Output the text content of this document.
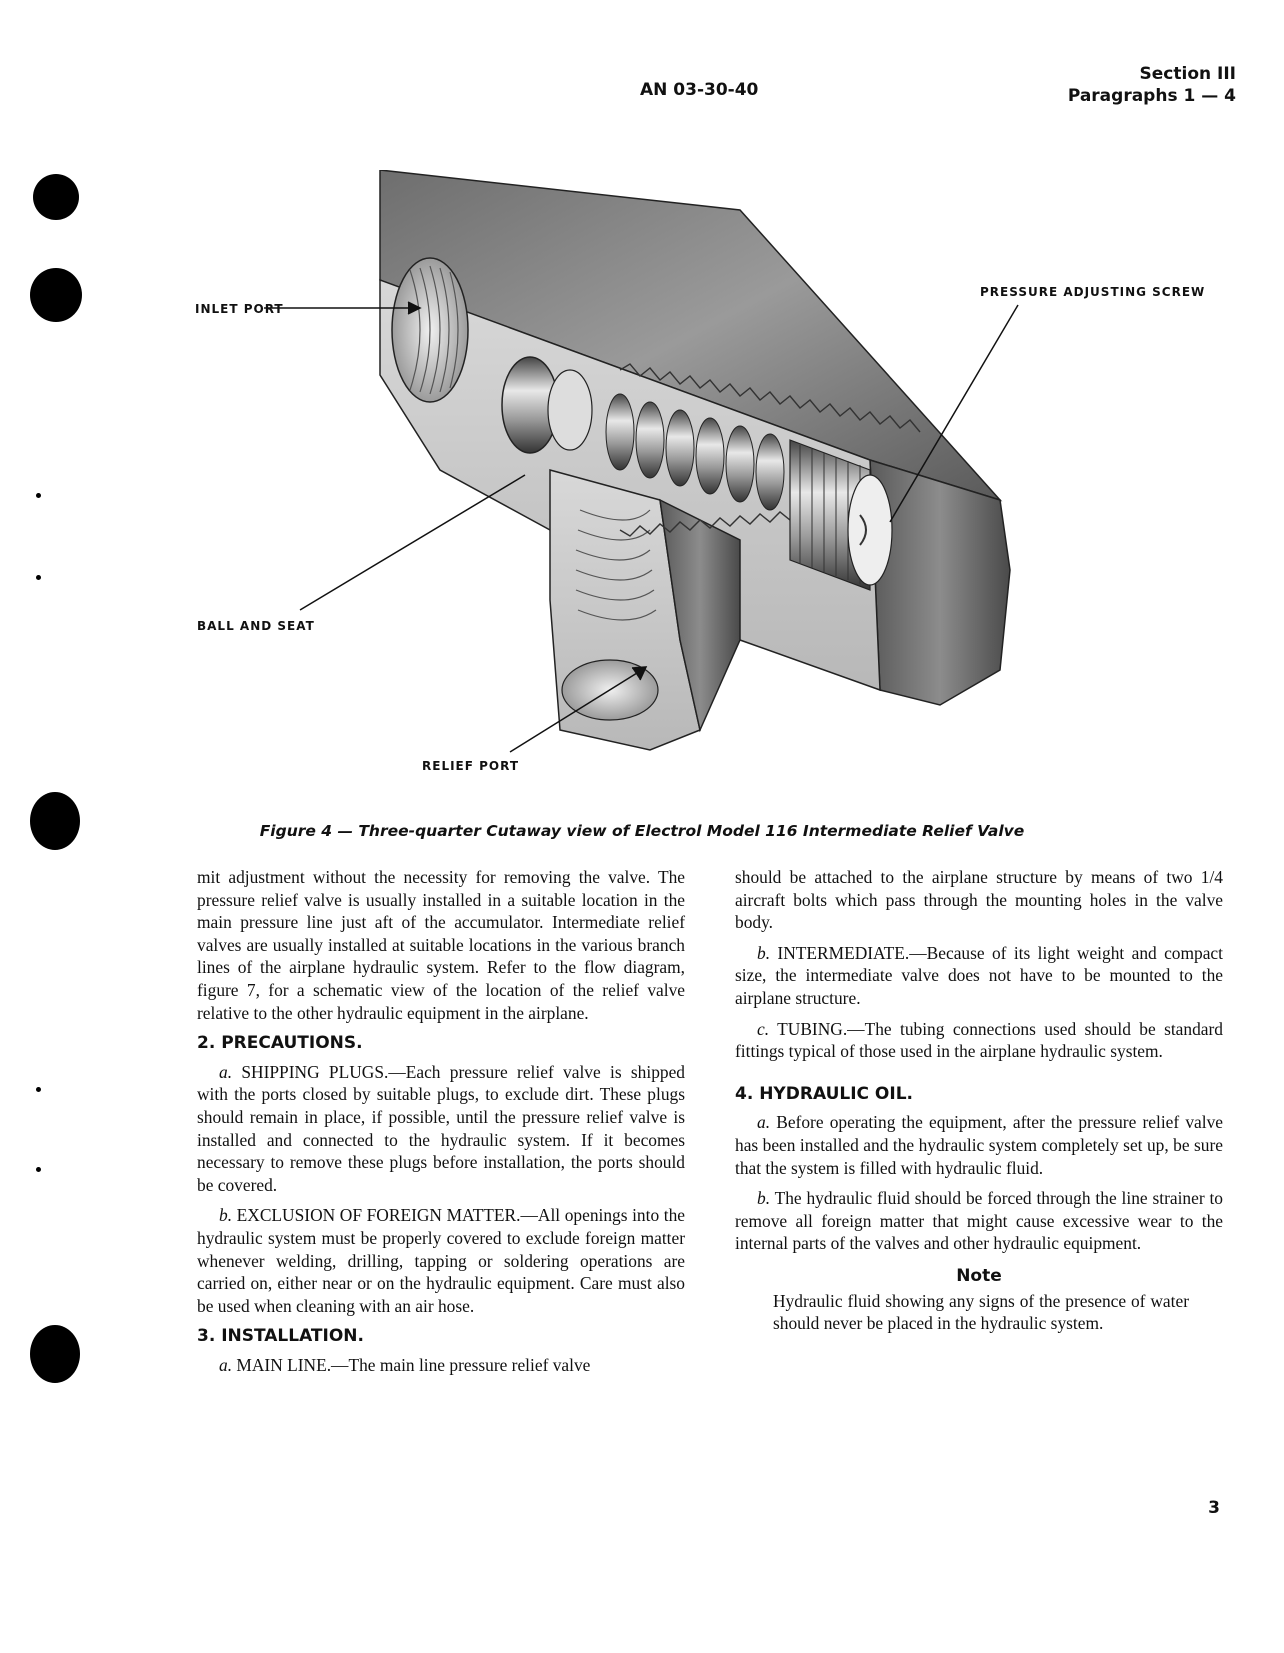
AN 03-30-40
Section III
Paragraphs 1 — 4
INLET PORT
PRESSURE ADJUSTING SCREW
BALL AND SEAT
RELIEF PORT
Figure 4 — Three-quarter Cutaway view of Electrol Model 116 Intermediate Relief Valve

mit adjustment without the necessity for removing the valve. The pressure relief valve is usually installed in a suitable location in the main pressure line just aft of the accumulator. Intermediate relief valves are usually installed at suitable locations in the various branch lines of the airplane hydraulic system. Refer to the flow diagram, figure 7, for a schematic view of the location of the relief valve relative to the other hydraulic equipment in the airplane.

2. PRECAUTIONS.

a. SHIPPING PLUGS.—Each pressure relief valve is shipped with the ports closed by suitable plugs, to exclude dirt. These plugs should remain in place, if possible, until the pressure relief valve is installed and connected to the hydraulic system. If it becomes necessary to remove these plugs before installation, the ports should be covered.

b. EXCLUSION OF FOREIGN MATTER.—All openings into the hydraulic system must be properly covered to exclude foreign matter whenever welding, drilling, tapping or soldering operations are carried on, either near or on the hydraulic equipment. Care must also be used when cleaning with an air hose.

3. INSTALLATION.

a. MAIN LINE.—The main line pressure relief valve

should be attached to the airplane structure by means of two 1/4 aircraft bolts which pass through the mounting holes in the valve body.

b. INTERMEDIATE.—Because of its light weight and compact size, the intermediate valve does not have to be mounted to the airplane structure.

c. TUBING.—The tubing connections used should be standard fittings typical of those used in the airplane hydraulic system.

4. HYDRAULIC OIL.

a. Before operating the equipment, after the pressure relief valve has been installed and the hydraulic system completely set up, be sure that the system is filled with hydraulic fluid.

b. The hydraulic fluid should be forced through the line strainer to remove all foreign matter that might cause excessive wear to the internal parts of the valves and other hydraulic equipment.

Note

Hydraulic fluid showing any signs of the presence of water should never be placed in the hydraulic system.

3
